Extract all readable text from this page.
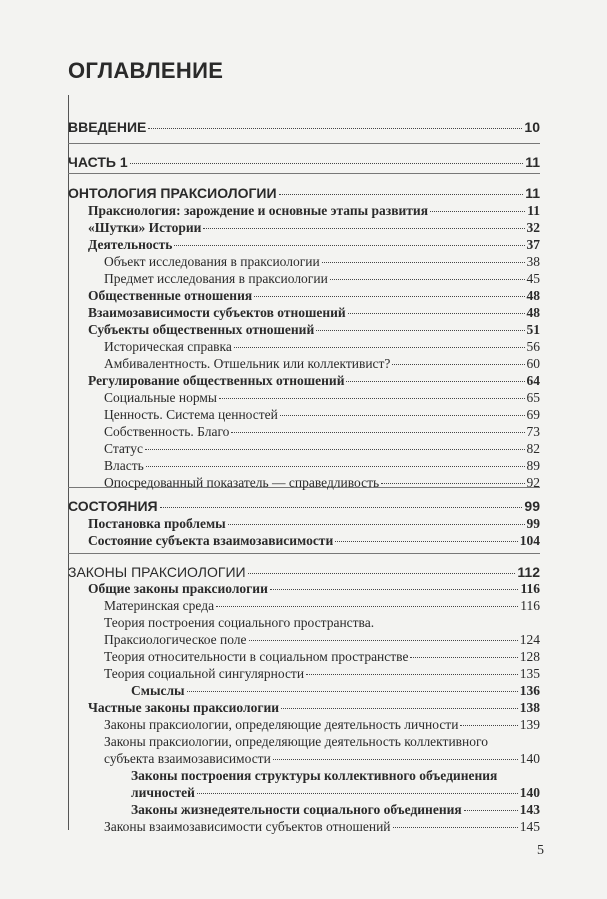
ОГЛАВЛЕНИЕ
ВВЕДЕНИЕ	10
ЧАСТЬ 1	11
ОНТОЛОГИЯ ПРАКСИОЛОГИИ	11
Праксиология: зарождение и основные этапы развития	11
«Шутки» Истории	32
Деятельность	37
Объект исследования в праксиологии	38
Предмет исследования в праксиологии	45
Общественные отношения	48
Взаимозависимости субъектов отношений	48
Субъекты общественных отношений	51
Историческая справка	56
Амбивалентность. Отшельник или коллективист?	60
Регулирование общественных отношений	64
Социальные нормы	65
Ценность. Система ценностей	69
Собственность. Благо	73
Статус	82
Власть	89
Опосредованный показатель — справедливость	92
СОСТОЯНИЯ	99
Постановка проблемы	99
Состояние субъекта взаимозависимости	104
ЗАКОНЫ ПРАКСИОЛОГИИ	112
Общие законы праксиологии	116
Материнская среда	116
Теория построения социального пространства.
Праксиологическое поле	124
Теория относительности в социальном пространстве	128
Теория социальной сингулярности	135
Смыслы	136
Частные законы праксиологии	138
Законы праксиологии, определяющие деятельность личности	139
Законы праксиологии, определяющие деятельность коллективного
субъекта взаимозависимости	140
Законы построения структуры коллективного объединения
личностей	140
Законы жизнедеятельности социального объединения	143
Законы взаимозависимости субъектов отношений	145
5
